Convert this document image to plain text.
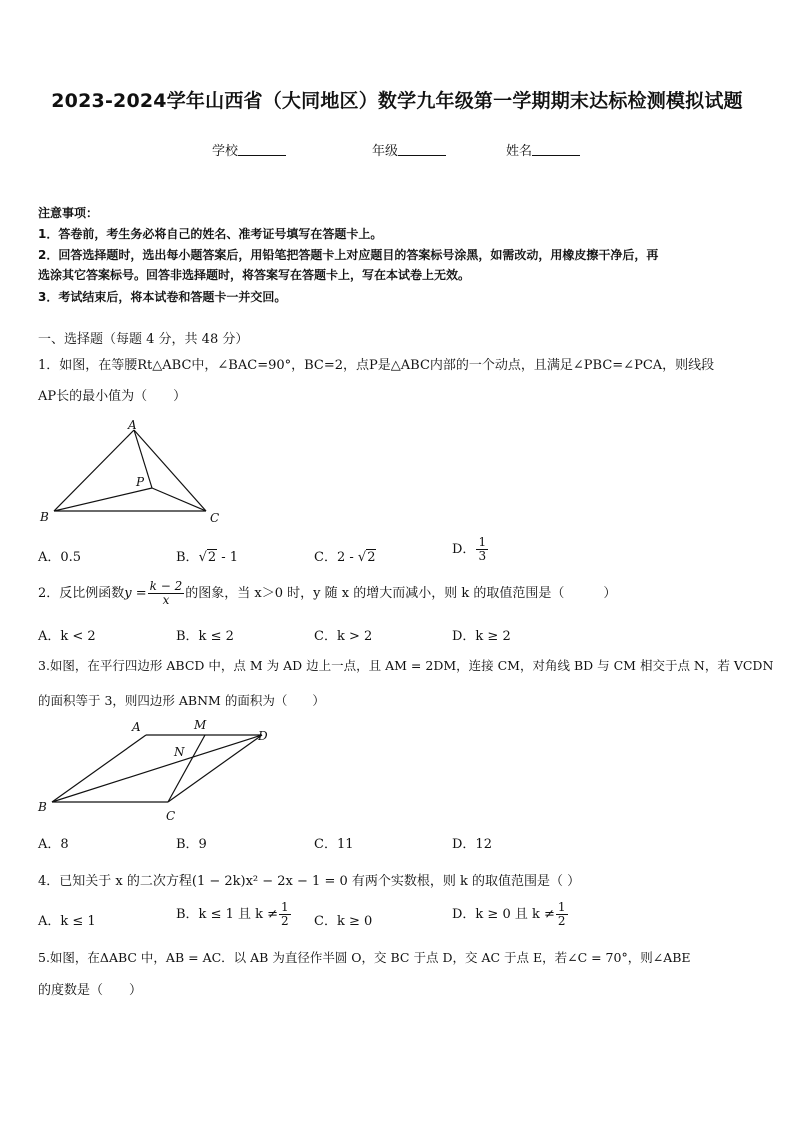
2023-2024学年山西省（大同地区）数学九年级第一学期期末达标检测模拟试题
学校	年级	姓名
注意事项：
1．答卷前，考生务必将自己的姓名、准考证号填写在答题卡上。
2．回答选择题时，选出每小题答案后，用铅笔把答题卡上对应题目的答案标号涂黑，如需改动，用橡皮擦干净后，再
选涂其它答案标号。回答非选择题时，将答案写在答题卡上，写在本试卷上无效。
3．考试结束后，将本试卷和答题卡一并交回。
一、选择题（每题 4 分，共 48 分）
1．如图，在等腰Rt△ABC中，∠BAC=90°，BC=2，点P是△ABC内部的一个动点，且满足∠PBC=∠PCA，则线段
AP长的最小值为（　　）
A
B	C
P
A．0.5	B．√2 - 1	C．2 - √2
D． $\frac{1}{3}$
2．反比例函数$y = \frac{k - 2}{x}$ 的图象，当 x＞0 时，y 随 x 的增大而减小，则 k 的取值范围是（　　　）
A．k < 2	B．k ≤ 2	C．k > 2	D．k ≥ 2
3.如图，在平行四边形 ABCD 中，点 M 为 AD 边上一点，且 AM = 2DM，连接 CM，对角线 BD 与 CM 相交于点 N，若 VCDN
的面积等于 3，则四边形 ABNM 的面积为（　　）
A	M
D
N
B
C
A．8	B．9	C．11	D．12
4．已知关于 x 的二次方程(1 − 2k)x² − 2x − 1 = 0 有两个实数根，则 k 的取值范围是（ ）
A．k ≤ 1	B．k ≤ 1 且 $k \ne \frac{1}{2}$ C．k ≥ 0	D．k ≥ 0 且 $k \ne \frac{1}{2}$
5.如图，在ΔABC 中，AB = AC．以 AB 为直径作半圆 O，交 BC 于点 D，交 AC 于点 E，若∠C = 70°，则∠ABE
的度数是（　　）
